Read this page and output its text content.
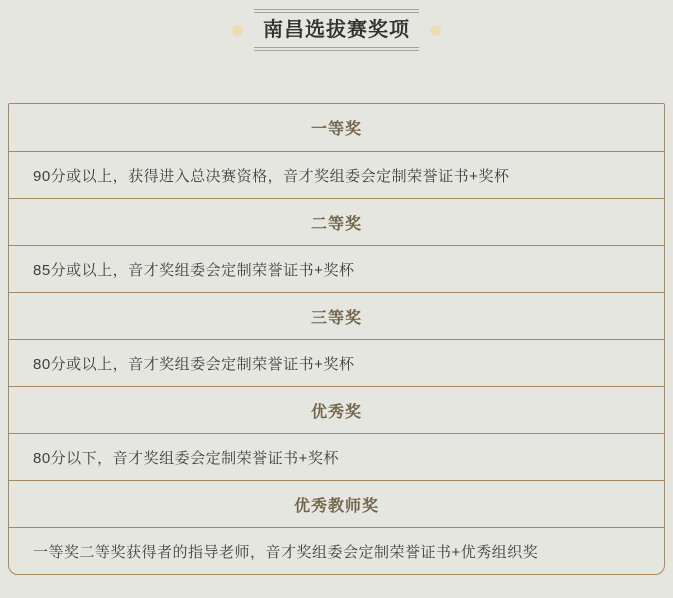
南昌选拔赛奖项
一等奖
90分或以上，获得进入总决赛资格，音才奖组委会定制荣誉证书+奖杯
二等奖
85分或以上，音才奖组委会定制荣誉证书+奖杯
三等奖
80分或以上，音才奖组委会定制荣誉证书+奖杯
优秀奖
80分以下，音才奖组委会定制荣誉证书+奖杯
优秀教师奖
一等奖二等奖获得者的指导老师，音才奖组委会定制荣誉证书+优秀组织奖
